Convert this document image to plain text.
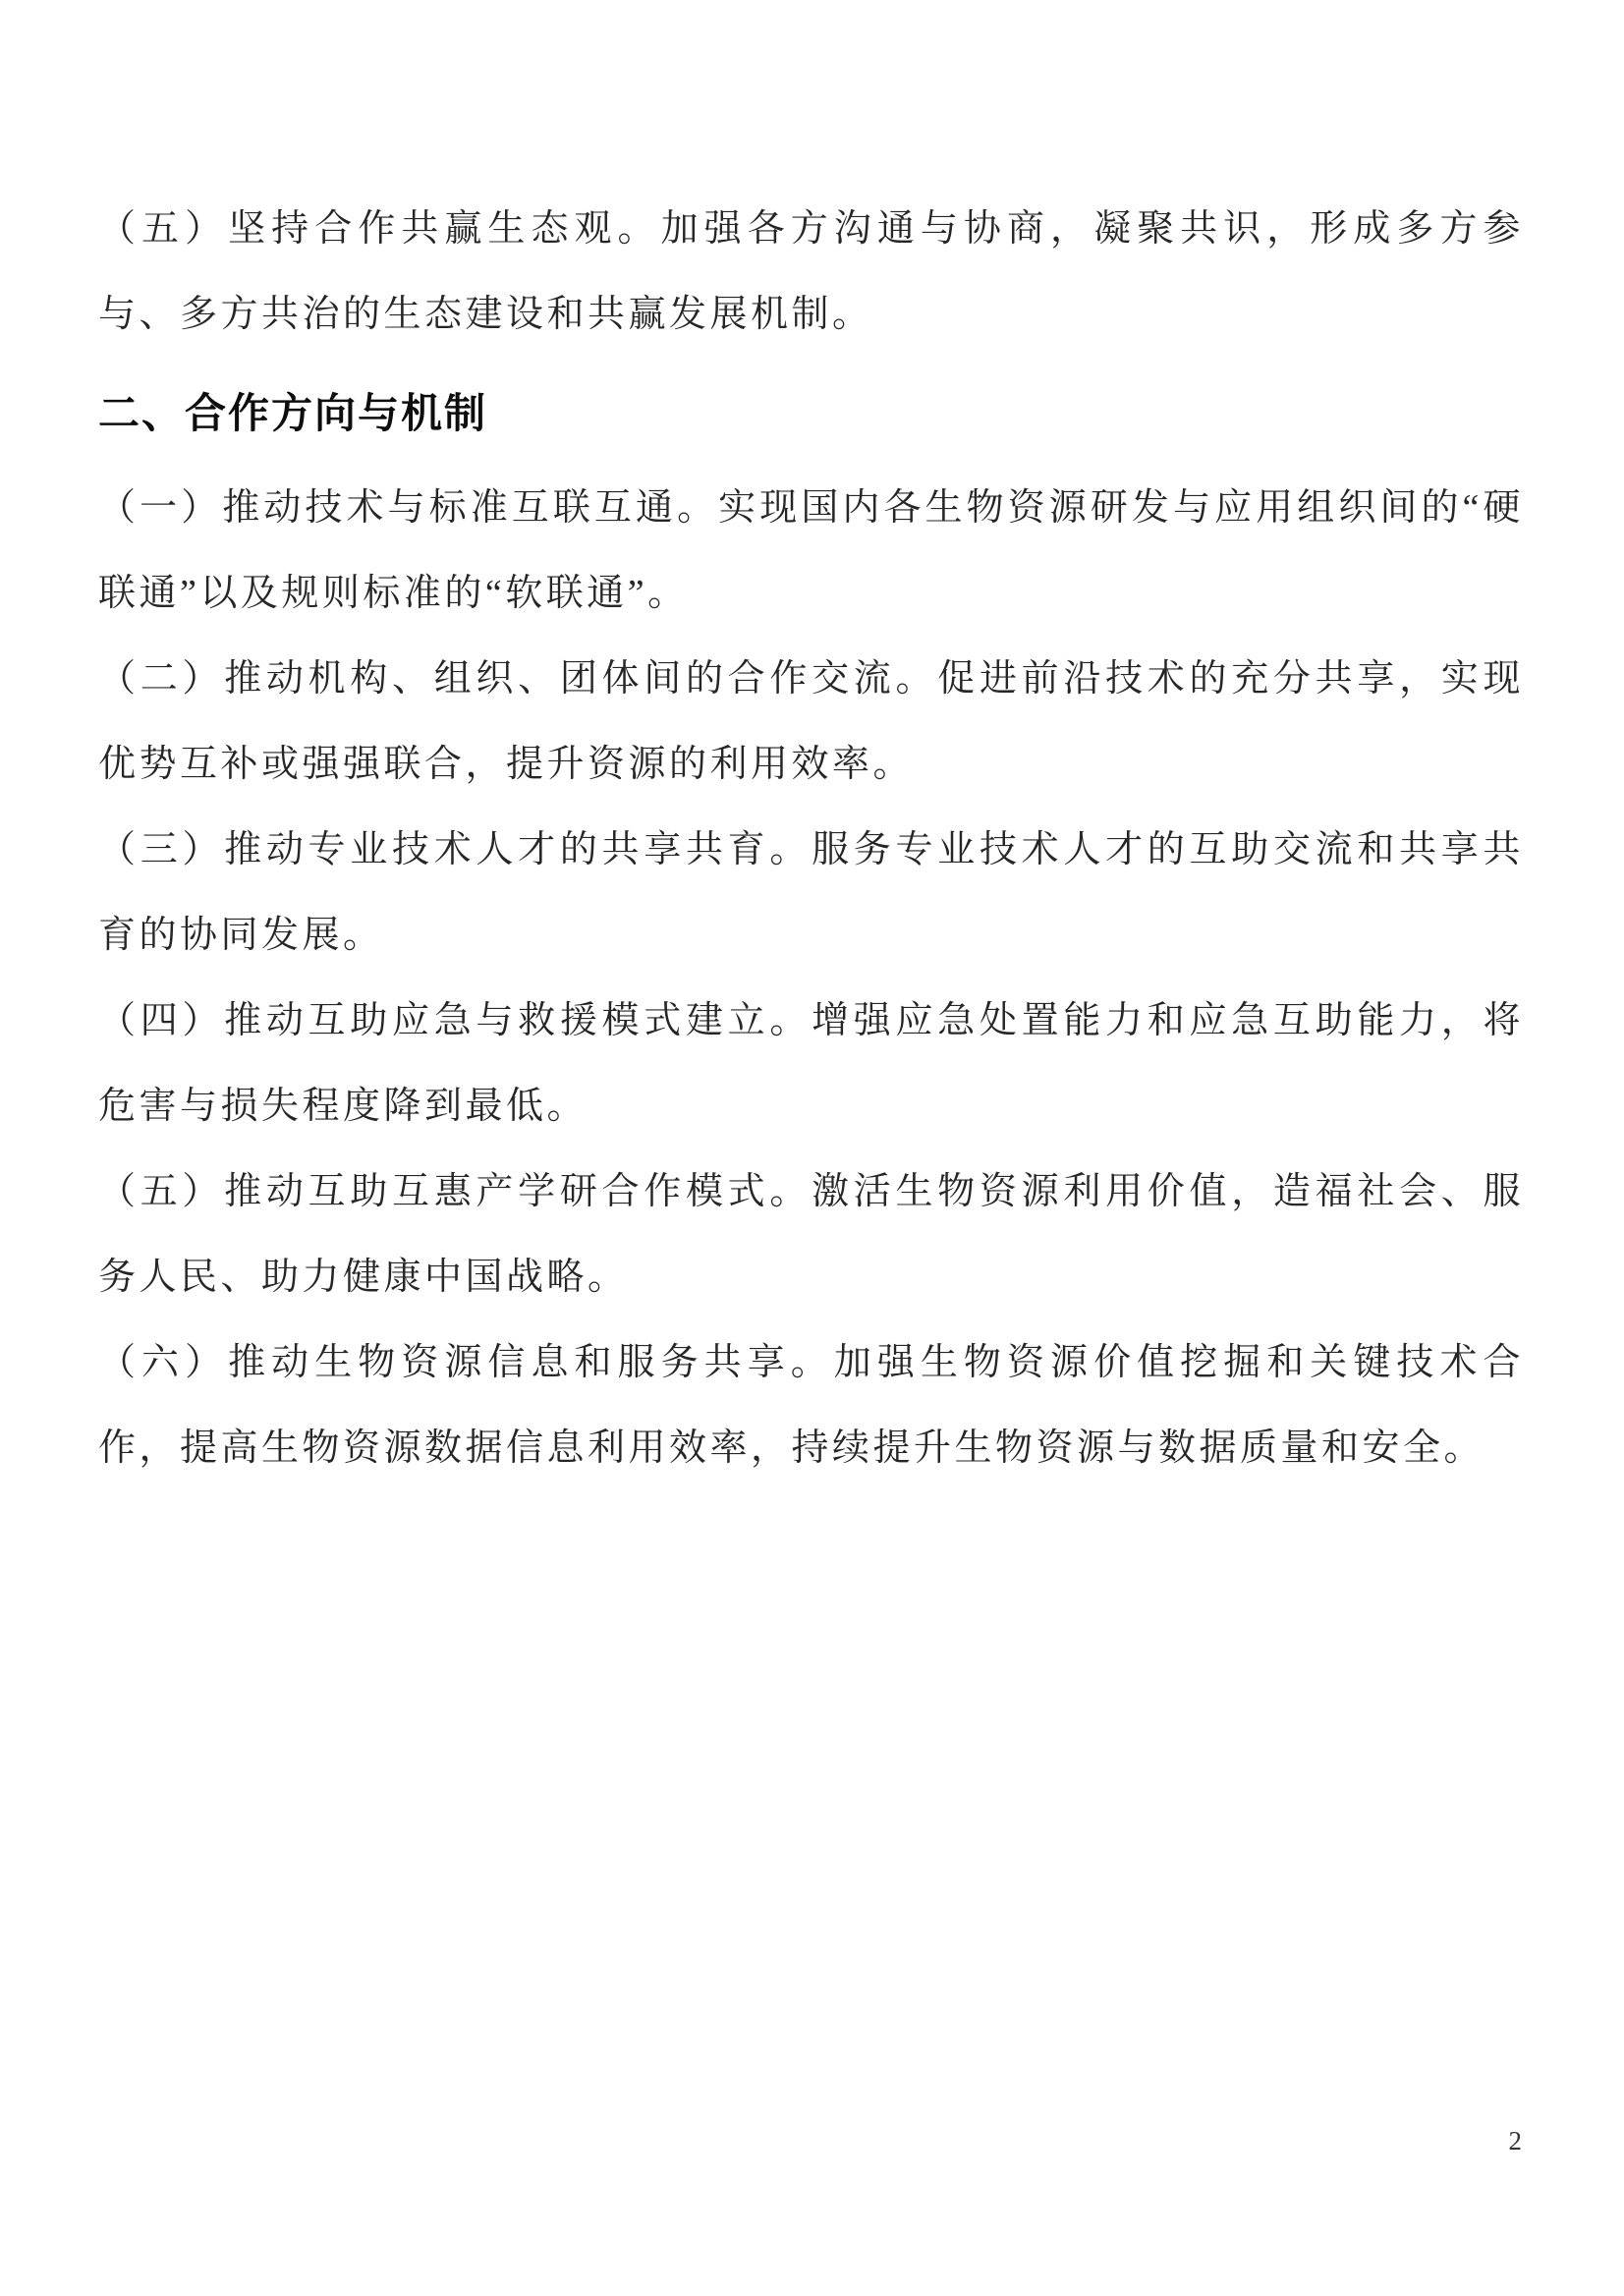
（五）坚持合作共赢生态观。加强各方沟通与协商，凝聚共识，形成多方参与、多方共治的生态建设和共赢发展机制。

二、合作方向与机制

（一）推动技术与标准互联互通。实现国内各生物资源研发与应用组织间的“硬联通”以及规则标准的“软联通”。

（二）推动机构、组织、团体间的合作交流。促进前沿技术的充分共享，实现优势互补或强强联合，提升资源的利用效率。

（三）推动专业技术人才的共享共育。服务专业技术人才的互助交流和共享共育的协同发展。

（四）推动互助应急与救援模式建立。增强应急处置能力和应急互助能力，将危害与损失程度降到最低。

（五）推动互助互惠产学研合作模式。激活生物资源利用价值，造福社会、服务人民、助力健康中国战略。

（六）推动生物资源信息和服务共享。加强生物资源价值挖掘和关键技术合作，提高生物资源数据信息利用效率，持续提升生物资源与数据质量和安全。

2
